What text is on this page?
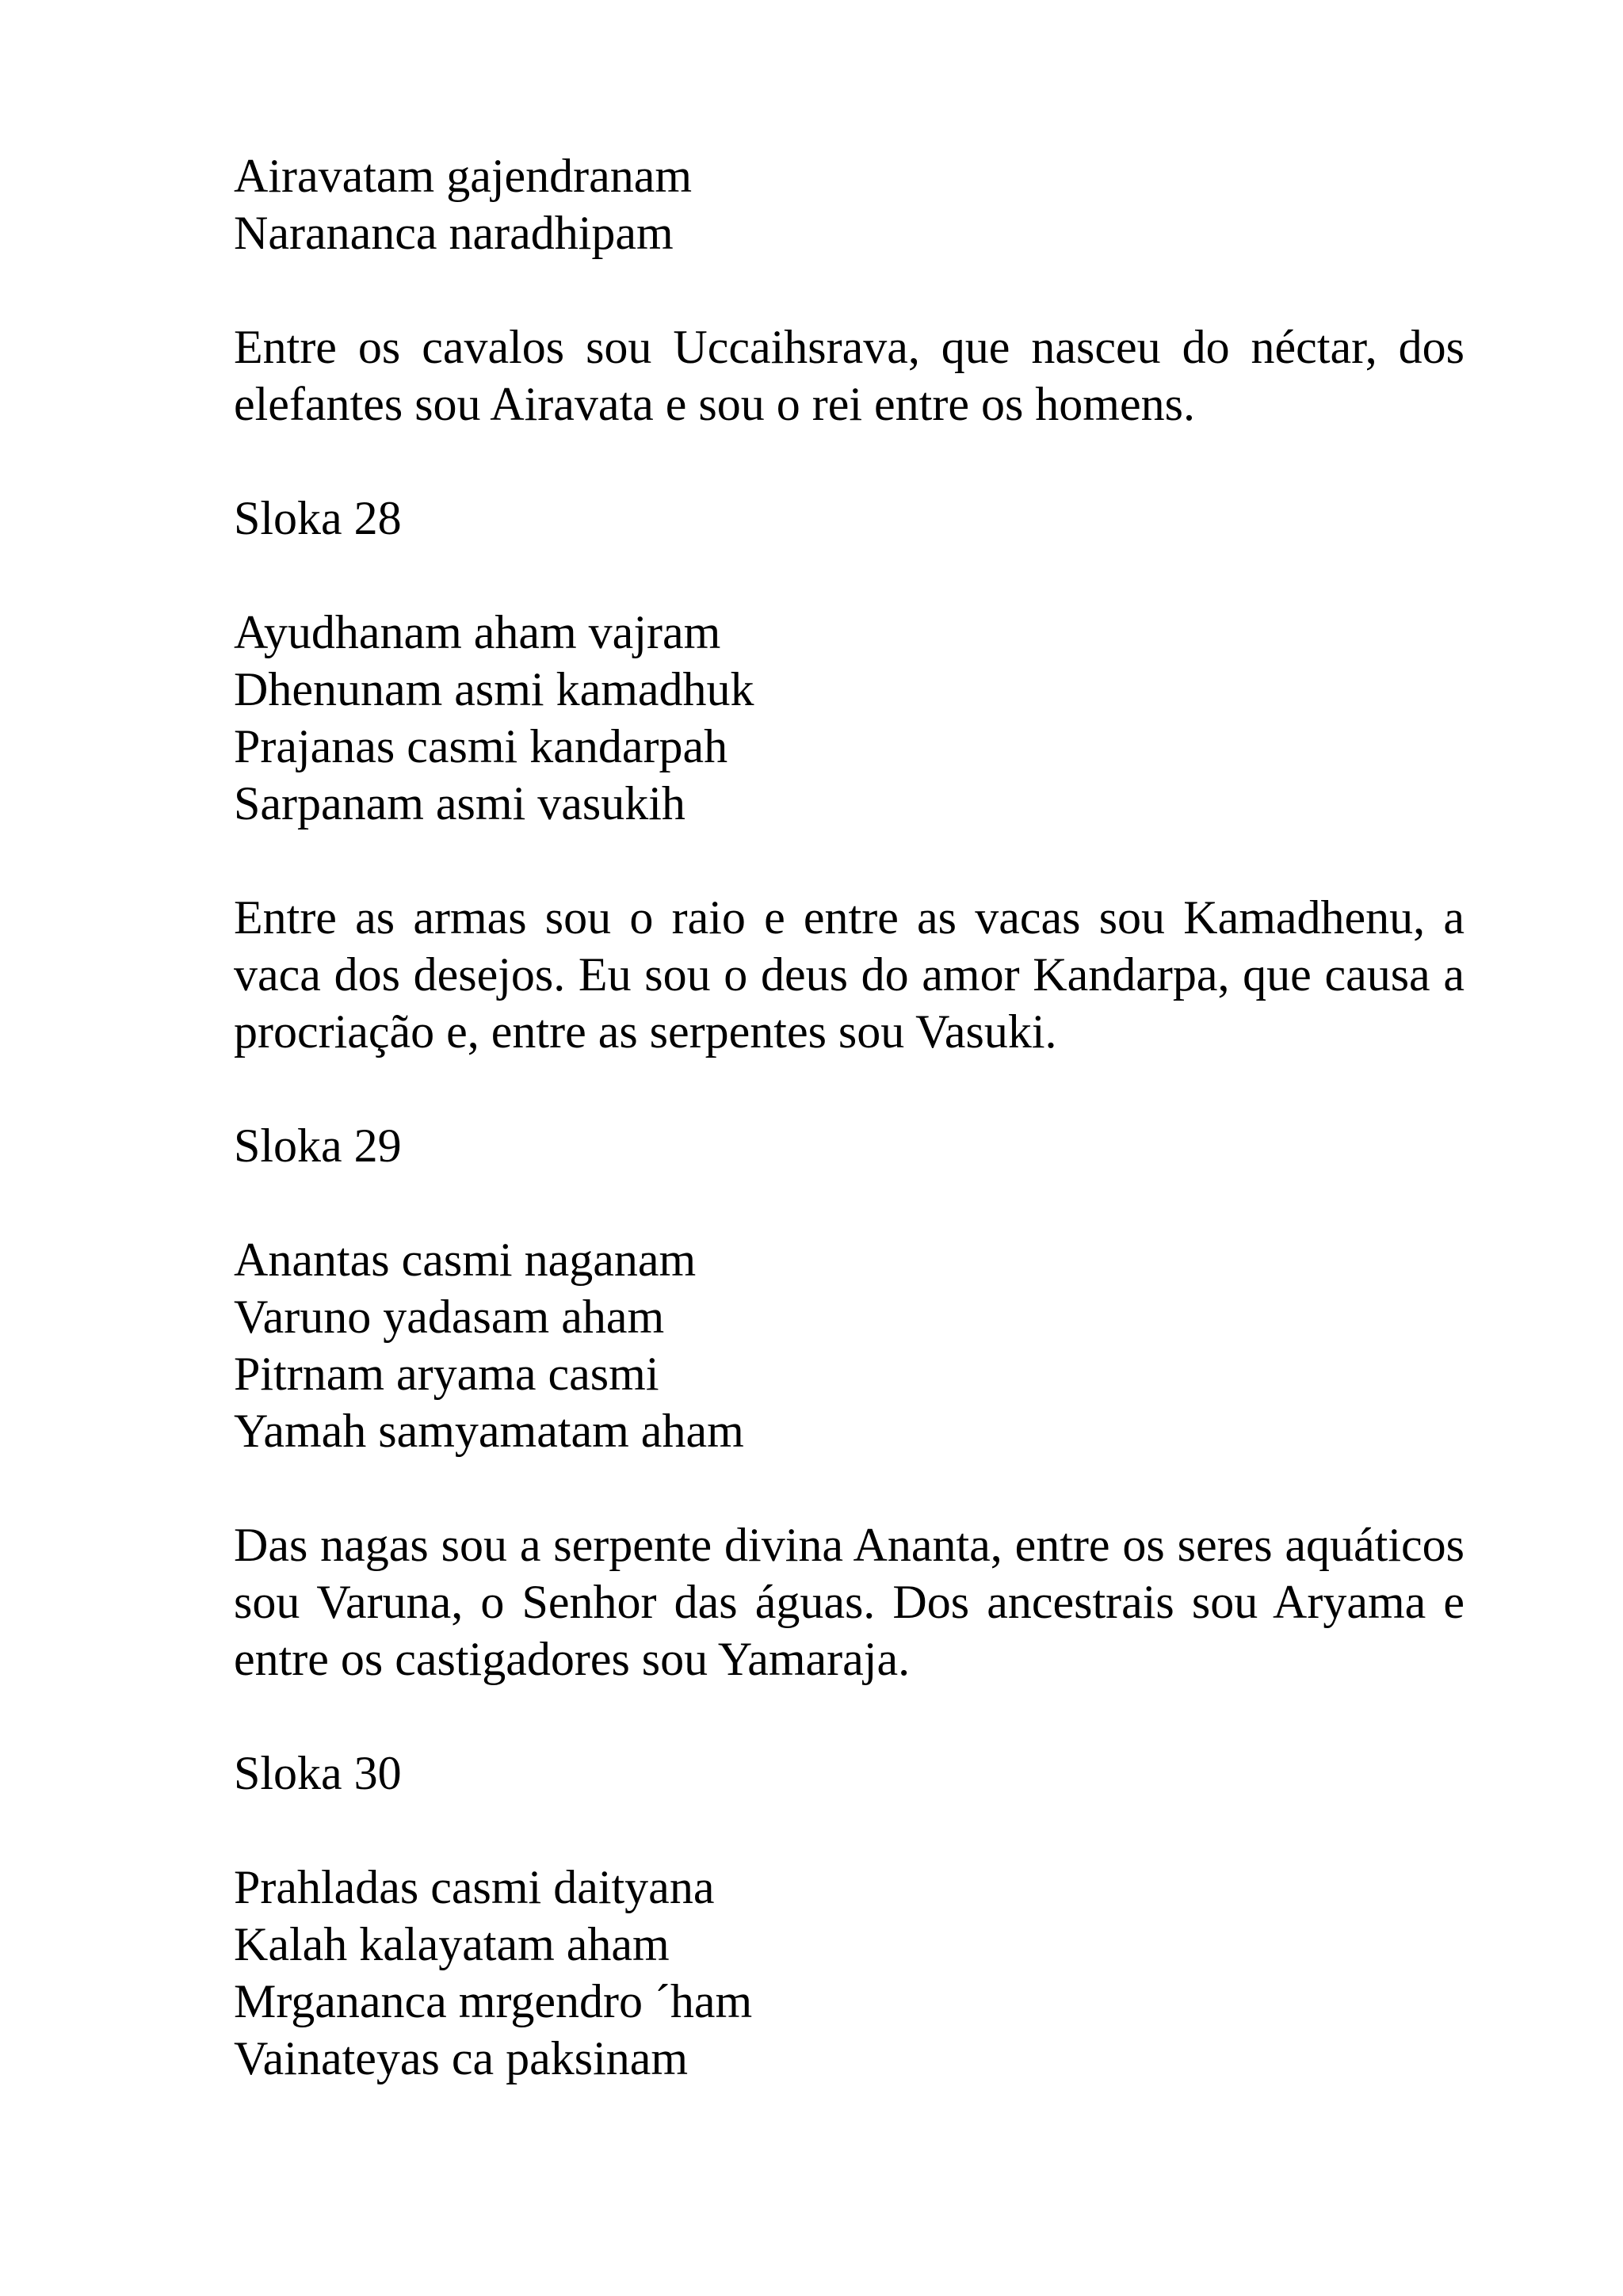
Airavatam gajendranam
Narananca naradhipam

Entre os cavalos sou Uccaihsrava, que nasceu do néctar, dos elefantes sou Airavata e sou o rei entre os homens.

Sloka 28
Ayudhanam aham vajram
Dhenunam asmi kamadhuk
Prajanas casmi kandarpah
Sarpanam asmi vasukih

Entre as armas sou o raio e entre as vacas sou Kamadhenu, a vaca dos desejos. Eu sou o deus do amor Kandarpa, que causa a procriação e, entre as serpentes sou Vasuki.

Sloka 29
Anantas casmi naganam
Varuno yadasam aham
Pitrnam aryama casmi
Yamah samyamatam aham

Das nagas sou a serpente divina Ananta, entre os seres aquáticos sou Varuna, o Senhor das águas. Dos ancestrais sou Aryama e entre os castigadores sou Yamaraja.

Sloka 30
Prahladas casmi daityana
Kalah kalayatam aham
Mrgananca mrgendro ´ham
Vainateyas ca paksinam
